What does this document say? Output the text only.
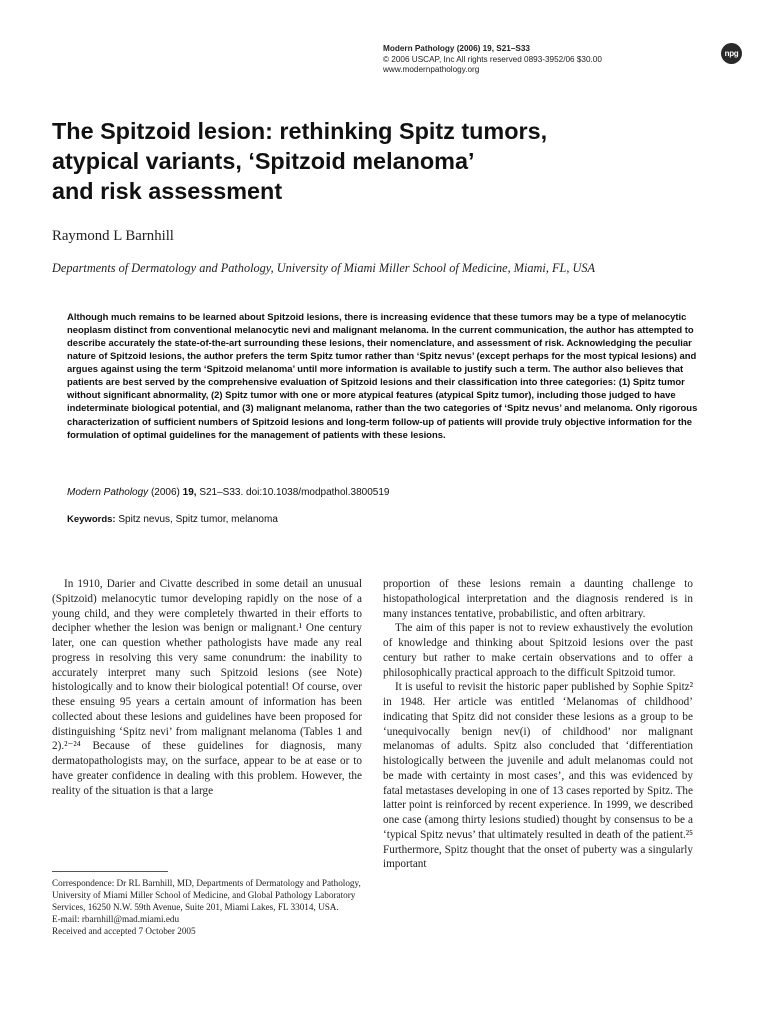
Modern Pathology (2006) 19, S21–S33
© 2006 USCAP, Inc All rights reserved 0893-3952/06 $30.00
www.modernpathology.org
npg
The Spitzoid lesion: rethinking Spitz tumors,
atypical variants, ‘Spitzoid melanoma’
and risk assessment
Raymond L Barnhill
Departments of Dermatology and Pathology, University of Miami Miller School of Medicine, Miami, FL, USA
Although much remains to be learned about Spitzoid lesions, there is increasing evidence that these tumors may be a type of melanocytic neoplasm distinct from conventional melanocytic nevi and malignant melanoma. In the current communication, the author has attempted to describe accurately the state-of-the-art surrounding these lesions, their nomenclature, and assessment of risk. Acknowledging the peculiar nature of Spitzoid lesions, the author prefers the term Spitz tumor rather than ‘Spitz nevus’ (except perhaps for the most typical lesions) and argues against using the term ‘Spitzoid melanoma’ until more information is available to justify such a term. The author also believes that patients are best served by the comprehensive evaluation of Spitzoid lesions and their classification into three categories: (1) Spitz tumor without significant abnormality, (2) Spitz tumor with one or more atypical features (atypical Spitz tumor), including those judged to have indeterminate biological potential, and (3) malignant melanoma, rather than the two categories of ‘Spitz nevus’ and melanoma. Only rigorous characterization of sufficient numbers of Spitzoid lesions and long-term follow-up of patients will provide truly objective information for the formulation of optimal guidelines for the management of patients with these lesions.
Modern Pathology (2006) 19, S21–S33. doi:10.1038/modpathol.3800519
Keywords: Spitz nevus, Spitz tumor, melanoma

In 1910, Darier and Civatte described in some detail an unusual (Spitzoid) melanocytic tumor developing rapidly on the nose of a young child, and they were completely thwarted in their efforts to decipher whether the lesion was benign or malignant.¹ One century later, one can question whether pathologists have made any real progress in resolving this very same conundrum: the inability to accurately interpret many such Spitzoid lesions (see Note) histologically and to know their biological potential! Of course, over these ensuing 95 years a certain amount of information has been collected about these lesions and guidelines have been proposed for distinguishing ‘Spitz nevi’ from malignant melanoma (Tables 1 and 2).²⁻²⁴ Because of these guidelines for diagnosis, many dermatopathologists may, on the surface, appear to be at ease or to have greater confidence in dealing with this problem. However, the reality of the situation is that a large

proportion of these lesions remain a daunting challenge to histopathological interpretation and the diagnosis rendered is in many instances tentative, probabilistic, and often arbitrary.

The aim of this paper is not to review exhaustively the evolution of knowledge and thinking about Spitzoid lesions over the past century but rather to make certain observations and to offer a philosophically practical approach to the difficult Spitzoid tumor.

It is useful to revisit the historic paper published by Sophie Spitz² in 1948. Her article was entitled ‘Melanomas of childhood’ indicating that Spitz did not consider these lesions as a group to be ‘unequivocally benign nev(i) of childhood’ nor malignant melanomas of adults. Spitz also concluded that ‘differentiation histologically between the juvenile and adult melanomas could not be made with certainty in most cases’, and this was evidenced by fatal metastases developing in one of 13 cases reported by Spitz. The latter point is reinforced by recent experience. In 1999, we described one case (among thirty lesions studied) thought by consensus to be a ‘typical Spitz nevus’ that ultimately resulted in death of the patient.²⁵ Furthermore, Spitz thought that the onset of puberty was a singularly important

Correspondence: Dr RL Barnhill, MD, Departments of Dermatology and Pathology, University of Miami Miller School of Medicine, and Global Pathology Laboratory Services, 16250 N.W. 59th Avenue, Suite 201, Miami Lakes, FL 33014, USA.
E-mail: rbarnhill@mad.miami.edu
Received and accepted 7 October 2005
